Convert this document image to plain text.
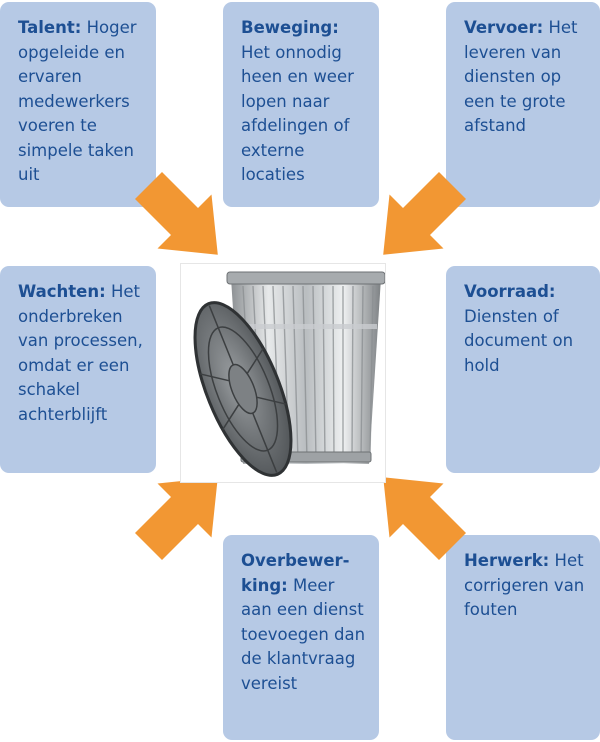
Talent: Hoger opgeleide en ervaren medewerkers voeren te simpele taken uit
Beweging: Het onnodig heen en weer lopen naar afdelingen of externe locaties
Vervoer: Het leveren van diensten op een te grote afstand
Wachten: Het onderbreken van processen, omdat er een schakel achterblijft
Voorraad: Diensten of document on hold
Overbewer-king: Meer aan een dienst toevoegen dan de klantvraag vereist
Herwerk: Het corrigeren van fouten
